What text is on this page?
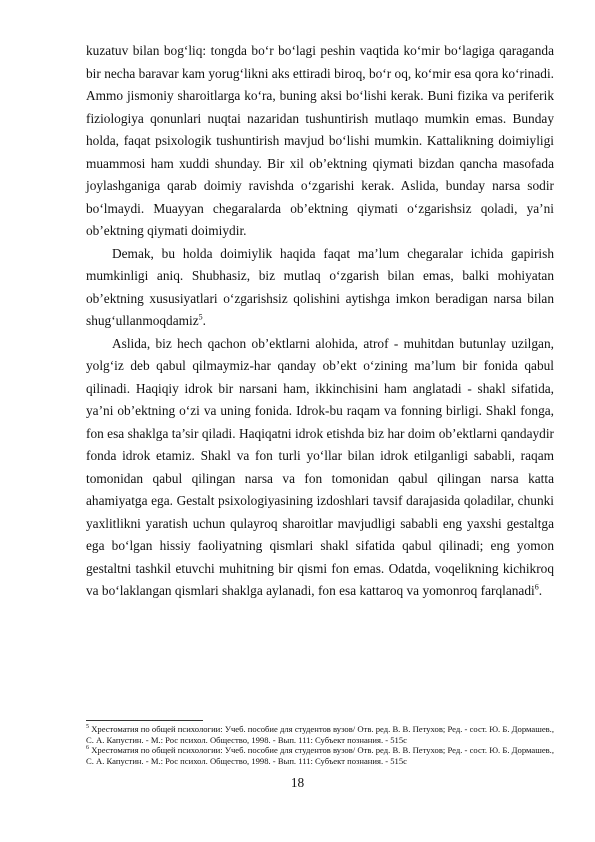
kuzatuv bilan bog‘liq: tongda bo‘r bo‘lagi peshin vaqtida ko‘mir bo‘lagiga qaraganda bir necha baravar kam yorug‘likni aks ettiradi biroq, bo‘r oq, ko‘mir esa qora ko‘rinadi. Ammo jismoniy sharoitlarga ko‘ra, buning aksi bo‘lishi kerak. Buni fizika va periferik fiziologiya qonunlari nuqtai nazaridan tushuntirish mutlaqo mumkin emas. Bunday holda, faqat psixologik tushuntirish mavjud bo‘lishi mumkin. Kattalikning doimiyligi muammosi ham xuddi shunday. Bir xil ob’ektning qiymati bizdan qancha masofada joylashganiga qarab doimiy ravishda o‘zgarishi kerak. Aslida, bunday narsa sodir bo‘lmaydi. Muayyan chegaralarda ob’ektning qiymati o‘zgarishsiz qoladi, ya’ni ob’ektning qiymati doimiydir.

Demak, bu holda doimiylik haqida faqat ma’lum chegaralar ichida gapirish mumkinligi aniq. Shubhasiz, biz mutlaq o‘zgarish bilan emas, balki mohiyatan ob’ektning xususiyatlari o‘zgarishsiz qolishini aytishga imkon beradigan narsa bilan shug‘ullanmoqdamiz$^5$.

Aslida, biz hech qachon ob’ektlarni alohida, atrof - muhitdan butunlay uzilgan, yolg‘iz deb qabul qilmaymiz-har qanday ob’ekt o‘zining ma’lum bir fonida qabul qilinadi. Haqiqiy idrok bir narsani ham, ikkinchisini ham anglatadi - shakl sifatida, ya’ni ob’ektning o‘zi va uning fonida. Idrok-bu raqam va fonning birligi. Shakl fonga, fon esa shaklga ta’sir qiladi. Haqiqatni idrok etishda biz har doim ob’ektlarni qandaydir fonda idrok etamiz. Shakl va fon turli yo‘llar bilan idrok etilganligi sababli, raqam tomonidan qabul qilingan narsa va fon tomonidan qabul qilingan narsa katta ahamiyatga ega. Gestalt psixologiyasining izdoshlari tavsif darajasida qoladilar, chunki yaxlitlikni yaratish uchun qulayroq sharoitlar mavjudligi sababli eng yaxshi gestaltga ega bo‘lgan hissiy faoliyatning qismlari shakl sifatida qabul qilinadi; eng yomon gestaltni tashkil etuvchi muhitning bir qismi fon emas. Odatda, voqelikning kichikroq va bo‘laklangan qismlari shaklga aylanadi, fon esa kattaroq va yomonroq farqlanadi$^6$.

$^5$ Хрестоматия по общей психологии: Учеб. пособие для студентов вузов/ Отв. ред. В. В. Петухов; Ред. - сост. Ю. Б. Дормашев., С. А. Капустин. - М.: Рос психол. Общество, 1998. - Вып. 111: Субъект познания. - 515с

$^6$ Хрестоматия по общей психологии: Учеб. пособие для студентов вузов/ Отв. ред. В. В. Петухов; Ред. - сост. Ю. Б. Дормашев., С. А. Капустин. - М.: Рос психол. Общество, 1998. - Вып. 111: Субъект познания. - 515с

18
